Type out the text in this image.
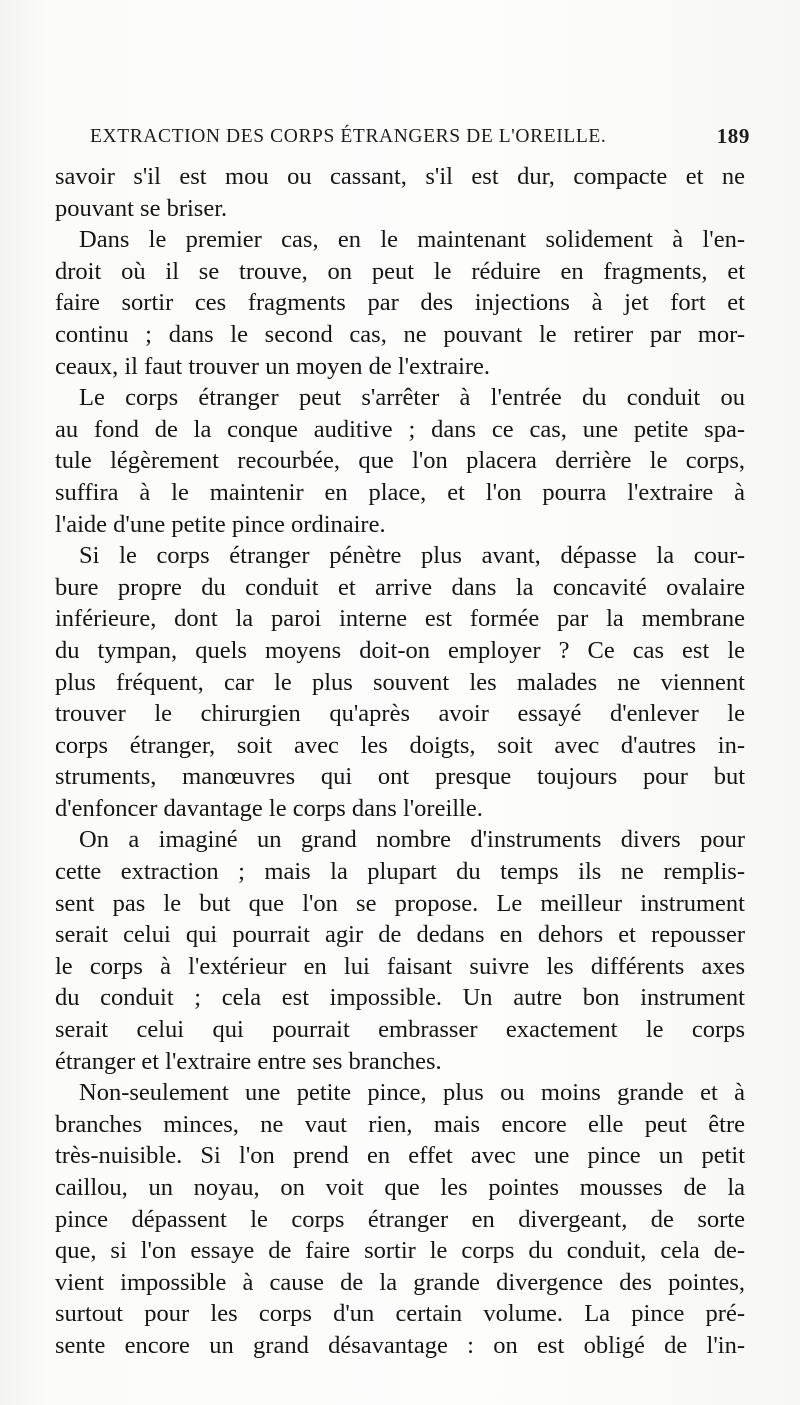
EXTRACTION DES CORPS ÉTRANGERS DE L'OREILLE.	189
savoir s'il est mou ou cassant, s'il est dur, compacte et ne
pouvant se briser.
Dans le premier cas, en le maintenant solidement à l'en-
droit où il se trouve, on peut le réduire en fragments, et
faire sortir ces fragments par des injections à jet fort et
continu ; dans le second cas, ne pouvant le retirer par mor-
ceaux, il faut trouver un moyen de l'extraire.
Le corps étranger peut s'arrêter à l'entrée du conduit ou
au fond de la conque auditive ; dans ce cas, une petite spa-
tule légèrement recourbée, que l'on placera derrière le corps,
suffira à le maintenir en place, et l'on pourra l'extraire à
l'aide d'une petite pince ordinaire.
Si le corps étranger pénètre plus avant, dépasse la cour-
bure propre du conduit et arrive dans la concavité ovalaire
inférieure, dont la paroi interne est formée par la membrane
du tympan, quels moyens doit-on employer ? Ce cas est le
plus fréquent, car le plus souvent les malades ne viennent
trouver le chirurgien qu'après avoir essayé d'enlever le
corps étranger, soit avec les doigts, soit avec d'autres in-
struments, manœuvres qui ont presque toujours pour but
d'enfoncer davantage le corps dans l'oreille.
On a imaginé un grand nombre d'instruments divers pour
cette extraction ; mais la plupart du temps ils ne remplis-
sent pas le but que l'on se propose. Le meilleur instrument
serait celui qui pourrait agir de dedans en dehors et repousser
le corps à l'extérieur en lui faisant suivre les différents axes
du conduit ; cela est impossible. Un autre bon instrument
serait celui qui pourrait embrasser exactement le corps
étranger et l'extraire entre ses branches.
Non-seulement une petite pince, plus ou moins grande et à
branches minces, ne vaut rien, mais encore elle peut être
très-nuisible. Si l'on prend en effet avec une pince un petit
caillou, un noyau, on voit que les pointes mousses de la
pince dépassent le corps étranger en divergeant, de sorte
que, si l'on essaye de faire sortir le corps du conduit, cela de-
vient impossible à cause de la grande divergence des pointes,
surtout pour les corps d'un certain volume. La pince pré-
sente encore un grand désavantage : on est obligé de l'in-
